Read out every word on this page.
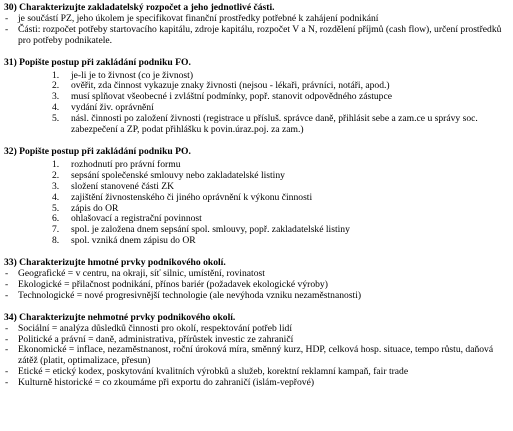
30) Charakterizujte zakladatelský rozpočet a jeho jednotlivé části.
- je součástí PZ, jeho úkolem je specifikovat finanční prostředky potřebné k zahájení podnikání
- Části: rozpočet potřeby startovacího kapitálu, zdroje kapitálu, rozpočet V a N, rozdělení příjmů (cash flow), určení prostředků pro potřeby podnikatele.
31) Popište postup při zakládání podniku FO.
1. je-li je to živnost (co je živnost)
2. ověřit, zda činnost vykazuje znaky živnosti (nejsou - lékaři, právníci, notáři, apod.)
3. musí splňovat všeobecné i zvláštní podmínky, popř. stanovit odpovědného zástupce
4. vydání živ. oprávnění
5. násl. činnosti po založení živnosti (registrace u přísluš. správce daně, přihlásit sebe a zam.ce u správy soc. zabezpečení a ZP, podat přihlášku k povin.úraz.poj. za zam.)
32) Popište postup při zakládání podniku PO.
1. rozhodnutí pro právní formu
2. sepsání společenské smlouvy nebo zakladatelské listiny
3. složení stanovené části ZK
4. zajištění živnostenského či jiného oprávnění k výkonu činnosti
5. zápis do OR
6. ohlašovací a registrační povinnost
7. spol. je založena dnem sepsání spol. smlouvy, popř. zakladatelské listiny
8. spol. vzniká dnem zápisu do OR
33) Charakterizujte hmotné prvky podnikového okolí.
- Geografické = v centru, na okraji, síť silnic, umístění, rovinatost
- Ekologické = přilačnost podnikání, přínos bariér (požadavek ekologické výroby)
- Technologické = nové progresivnější technologie (ale nevýhoda vzniku nezaměstnanosti)
34) Charakterizujte nehmotné prvky podnikového okolí.
- Sociální = analýza důsledků činnosti pro okolí, respektování potřeb lidí
- Politické a právní = daně, administrativa, přírůstek investic ze zahraničí
- Ekonomické = inflace, nezaměstnanost, roční úroková míra, směnný kurz, HDP, celková hosp. situace, tempo růstu, daňová zátěž (platit, optimalizace, přesun)
- Etické = etický kodex, poskytování kvalitních výrobků a služeb, korektní reklamní kampaň, fair trade
- Kulturně historické = co zkoumáme při exportu do zahraničí (islám-vepřové)
